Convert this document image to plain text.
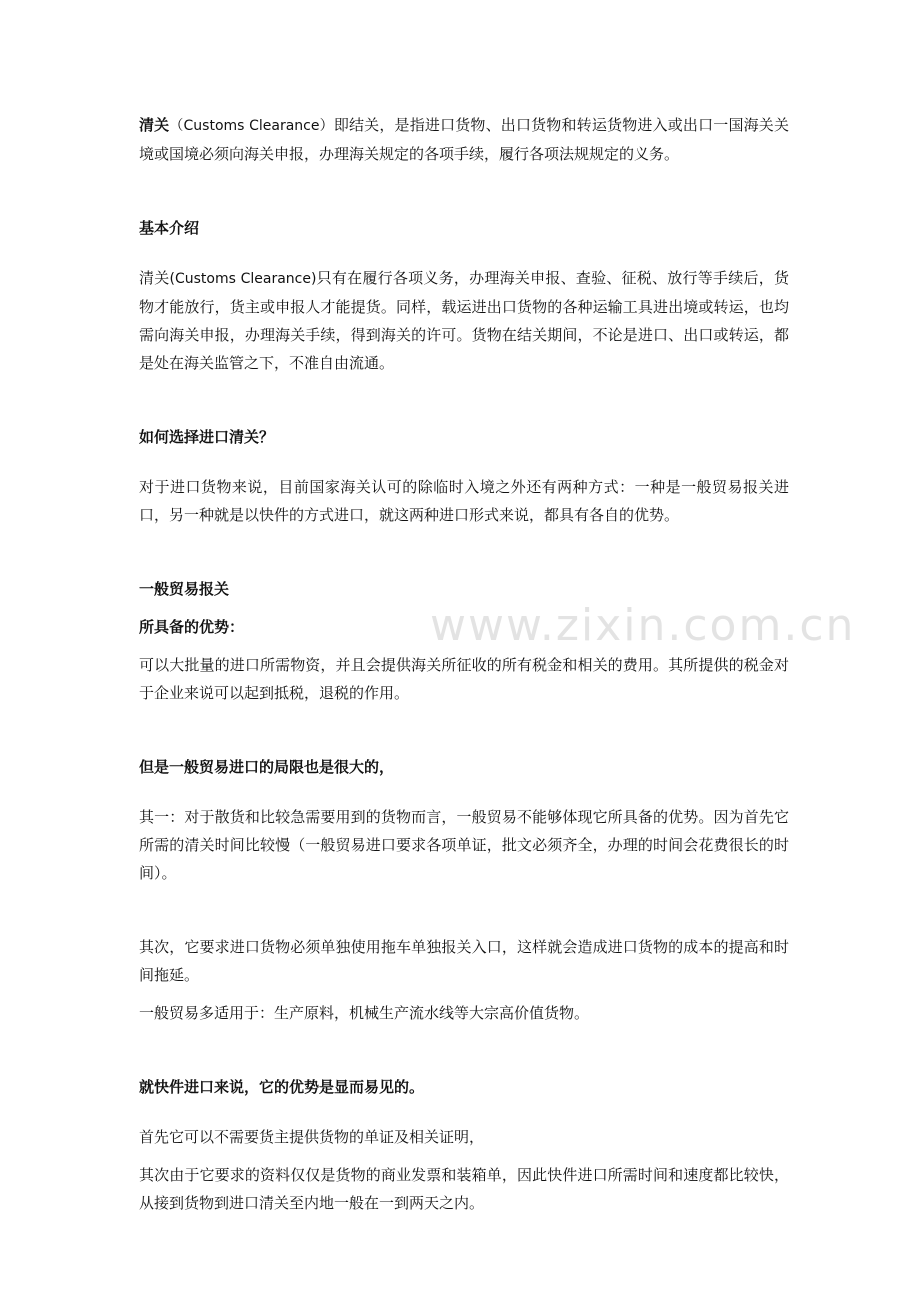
www.zixin.com.cn

清关（Customs Clearance）即结关，是指进口货物、出口货物和转运货物进入或出口一国海关关境或国境必须向海关申报，办理海关规定的各项手续，履行各项法规规定的义务。

基本介绍

清关(Customs Clearance)只有在履行各项义务，办理海关申报、查验、征税、放行等手续后，货物才能放行，货主或申报人才能提货。同样，载运进出口货物的各种运输工具进出境或转运，也均需向海关申报，办理海关手续，得到海关的许可。货物在结关期间，不论是进口、出口或转运，都是处在海关监管之下，不准自由流通。

如何选择进口清关？

对于进口货物来说，目前国家海关认可的除临时入境之外还有两种方式：一种是一般贸易报关进口，另一种就是以快件的方式进口，就这两种进口形式来说，都具有各自的优势。

一般贸易报关

所具备的优势：

可以大批量的进口所需物资，并且会提供海关所征收的所有税金和相关的费用。其所提供的税金对于企业来说可以起到抵税，退税的作用。

但是一般贸易进口的局限也是很大的，

其一：对于散货和比较急需要用到的货物而言，一般贸易不能够体现它所具备的优势。因为首先它所需的清关时间比较慢（一般贸易进口要求各项单证，批文必须齐全，办理的时间会花费很长的时间）。

其次，它要求进口货物必须单独使用拖车单独报关入口，这样就会造成进口货物的成本的提高和时间拖延。

一般贸易多适用于：生产原料，机械生产流水线等大宗高价值货物。

就快件进口来说，它的优势是显而易见的。

首先它可以不需要货主提供货物的单证及相关证明，

其次由于它要求的资料仅仅是货物的商业发票和装箱单，因此快件进口所需时间和速度都比较快，从接到货物到进口清关至内地一般在一到两天之内。
